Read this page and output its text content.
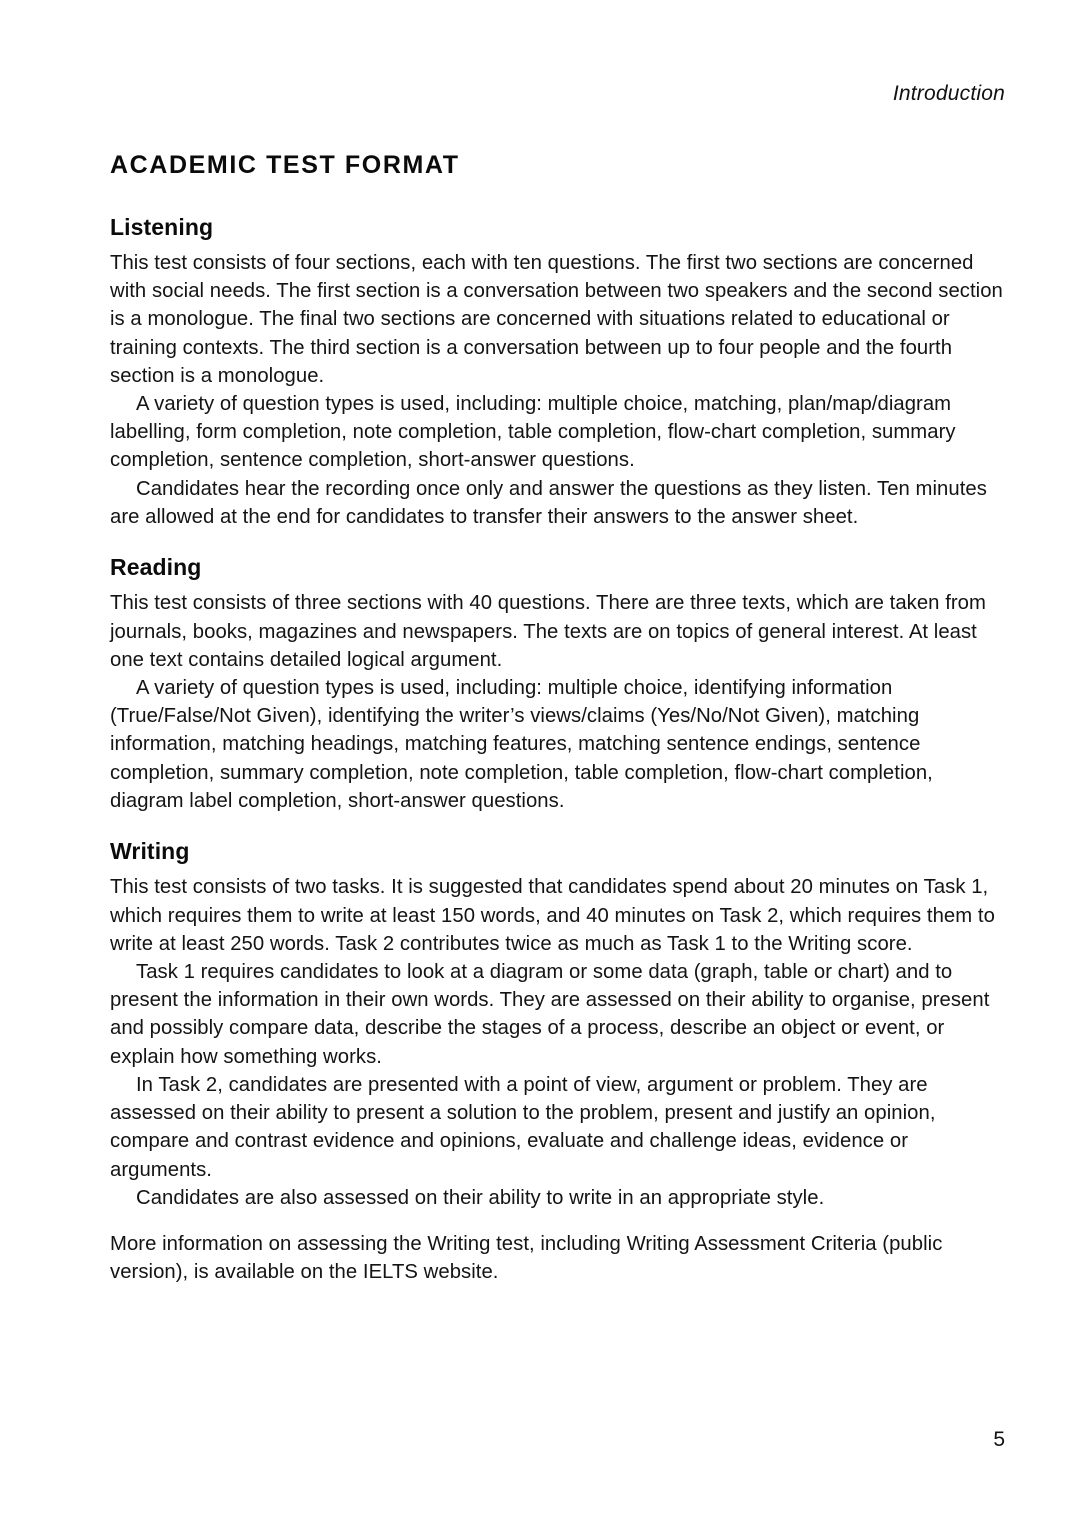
Introduction
ACADEMIC TEST FORMAT
Listening

This test consists of four sections, each with ten questions. The first two sections are concerned with social needs. The first section is a conversation between two speakers and the second section is a monologue. The final two sections are concerned with situations related to educational or training contexts. The third section is a conversation between up to four people and the fourth section is a monologue.

A variety of question types is used, including: multiple choice, matching, plan/map/diagram labelling, form completion, note completion, table completion, flow-chart completion, summary completion, sentence completion, short-answer questions.

Candidates hear the recording once only and answer the questions as they listen. Ten minutes are allowed at the end for candidates to transfer their answers to the answer sheet.

Reading

This test consists of three sections with 40 questions. There are three texts, which are taken from journals, books, magazines and newspapers. The texts are on topics of general interest. At least one text contains detailed logical argument.

A variety of question types is used, including: multiple choice, identifying information (True/False/Not Given), identifying the writer’s views/claims (Yes/No/Not Given), matching information, matching headings, matching features, matching sentence endings, sentence completion, summary completion, note completion, table completion, flow-chart completion, diagram label completion, short-answer questions.

Writing

This test consists of two tasks. It is suggested that candidates spend about 20 minutes on Task 1, which requires them to write at least 150 words, and 40 minutes on Task 2, which requires them to write at least 250 words. Task 2 contributes twice as much as Task 1 to the Writing score.

Task 1 requires candidates to look at a diagram or some data (graph, table or chart) and to present the information in their own words. They are assessed on their ability to organise, present and possibly compare data, describe the stages of a process, describe an object or event, or explain how something works.

In Task 2, candidates are presented with a point of view, argument or problem. They are assessed on their ability to present a solution to the problem, present and justify an opinion, compare and contrast evidence and opinions, evaluate and challenge ideas, evidence or arguments.

Candidates are also assessed on their ability to write in an appropriate style.

More information on assessing the Writing test, including Writing Assessment Criteria (public version), is available on the IELTS website.

5
